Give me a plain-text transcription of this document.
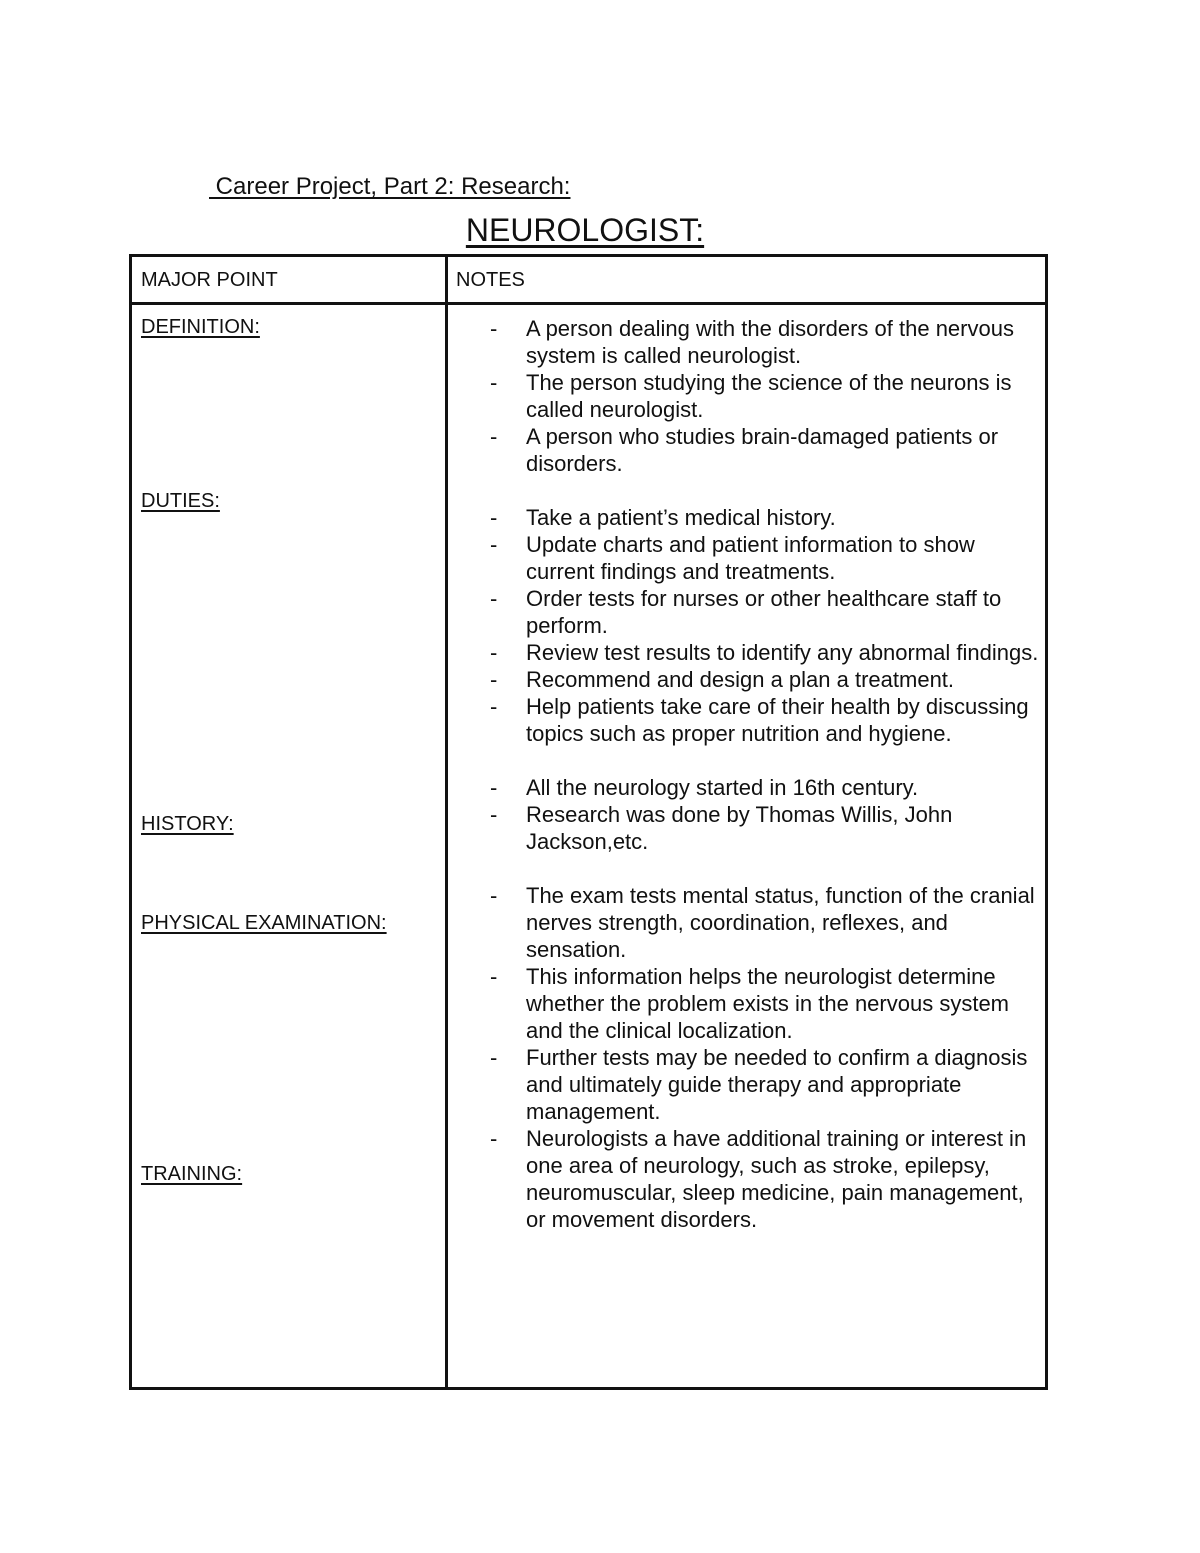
Career Project, Part 2: Research:
NEUROLOGIST:
MAJOR POINT	NOTES
DEFINITION:
DUTIES:
HISTORY:
PHYSICAL EXAMINATION:
TRAINING:
- A person dealing with the disorders of the nervous system is called neurologist.
- The person studying the science of the neurons is called neurologist.
- A person who studies brain-damaged patients or disorders.
- Take a patient’s medical history.
- Update charts and patient information to show current findings and treatments.
- Order tests for nurses or other healthcare staff to perform.
- Review test results to identify any abnormal findings.
- Recommend and design a plan a treatment.
- Help patients take care of their health by discussing topics such as proper nutrition and hygiene.
- All the neurology started in 16th century.
- Research was done by Thomas Willis, John Jackson,etc.
- The exam tests mental status, function of the cranial nerves strength, coordination, reflexes, and sensation.
- This information helps the neurologist determine whether the problem exists in the nervous system and the clinical localization.
- Further tests may be needed to confirm a diagnosis and ultimately guide therapy and appropriate management.
- Neurologists a have additional training or interest in one area of neurology, such as stroke, epilepsy, neuromuscular, sleep medicine, pain management, or movement disorders.
